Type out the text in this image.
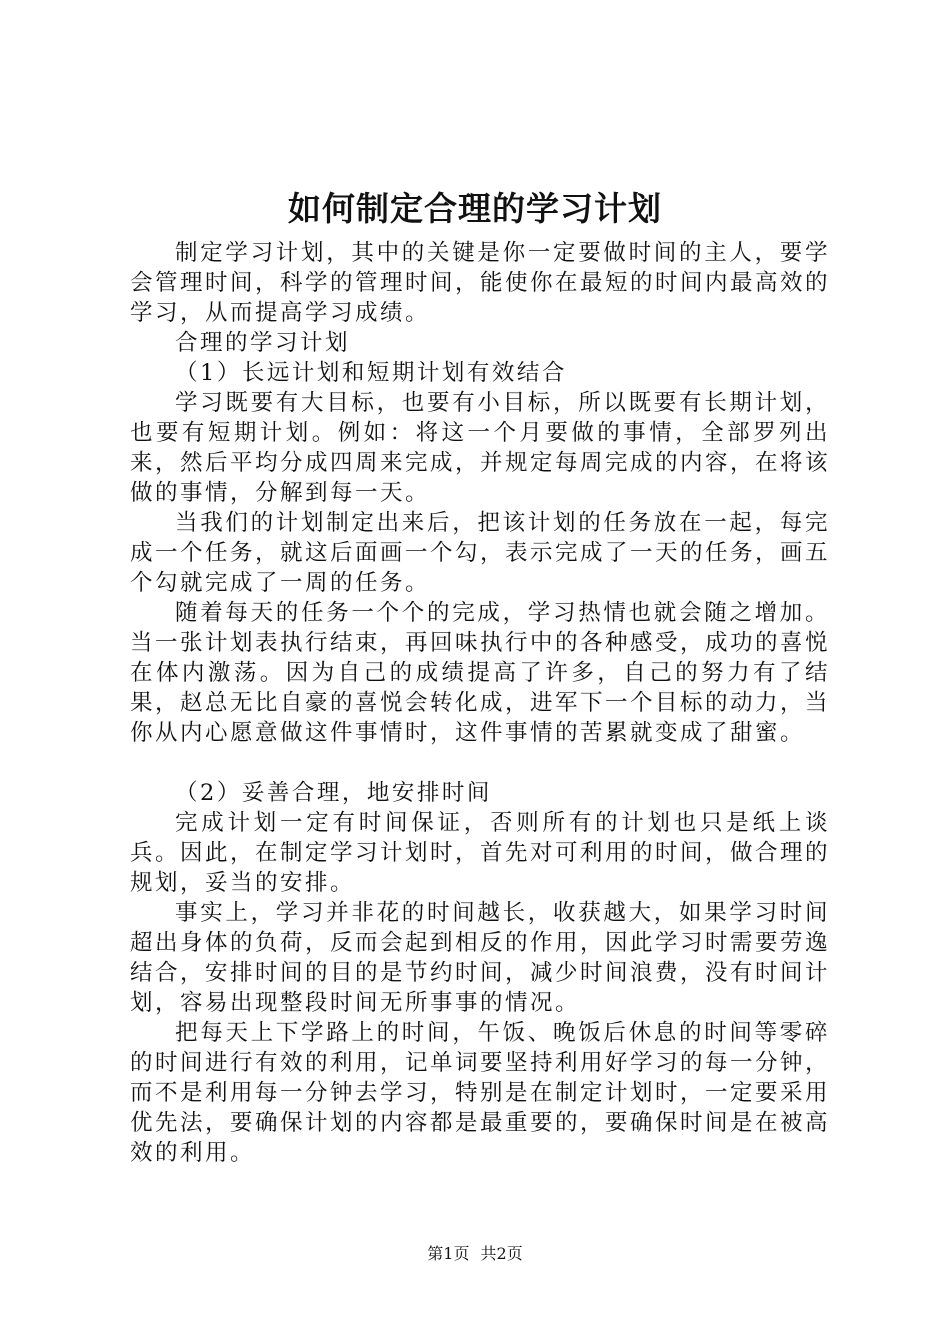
如何制定合理的学习计划

制定学习计划，其中的关键是你一定要做时间的主人，要学会管理时间，科学的管理时间，能使你在最短的时间内最高效的学习，从而提高学习成绩。

合理的学习计划

（1）长远计划和短期计划有效结合

学习既要有大目标，也要有小目标，所以既要有长期计划，也要有短期计划。例如：将这一个月要做的事情，全部罗列出来，然后平均分成四周来完成，并规定每周完成的内容，在将该做的事情，分解到每一天。

当我们的计划制定出来后，把该计划的任务放在一起，每完成一个任务，就这后面画一个勾，表示完成了一天的任务，画五个勾就完成了一周的任务。

随着每天的任务一个个的完成，学习热情也就会随之增加。当一张计划表执行结束，再回味执行中的各种感受，成功的喜悦在体内激荡。因为自己的成绩提高了许多，自己的努力有了结果，赵总无比自豪的喜悦会转化成，进军下一个目标的动力，当你从内心愿意做这件事情时，这件事情的苦累就变成了甜蜜。

（2）妥善合理，地安排时间

完成计划一定有时间保证，否则所有的计划也只是纸上谈兵。因此，在制定学习计划时，首先对可利用的时间，做合理的规划，妥当的安排。

事实上，学习并非花的时间越长，收获越大，如果学习时间超出身体的负荷，反而会起到相反的作用，因此学习时需要劳逸结合，安排时间的目的是节约时间，减少时间浪费，没有时间计划，容易出现整段时间无所事事的情况。

把每天上下学路上的时间，午饭、晚饭后休息的时间等零碎的时间进行有效的利用，记单词要坚持利用好学习的每一分钟，而不是利用每一分钟去学习，特别是在制定计划时，一定要采用优先法，要确保计划的内容都是最重要的，要确保时间是在被高效的利用。

第1页 共2页
